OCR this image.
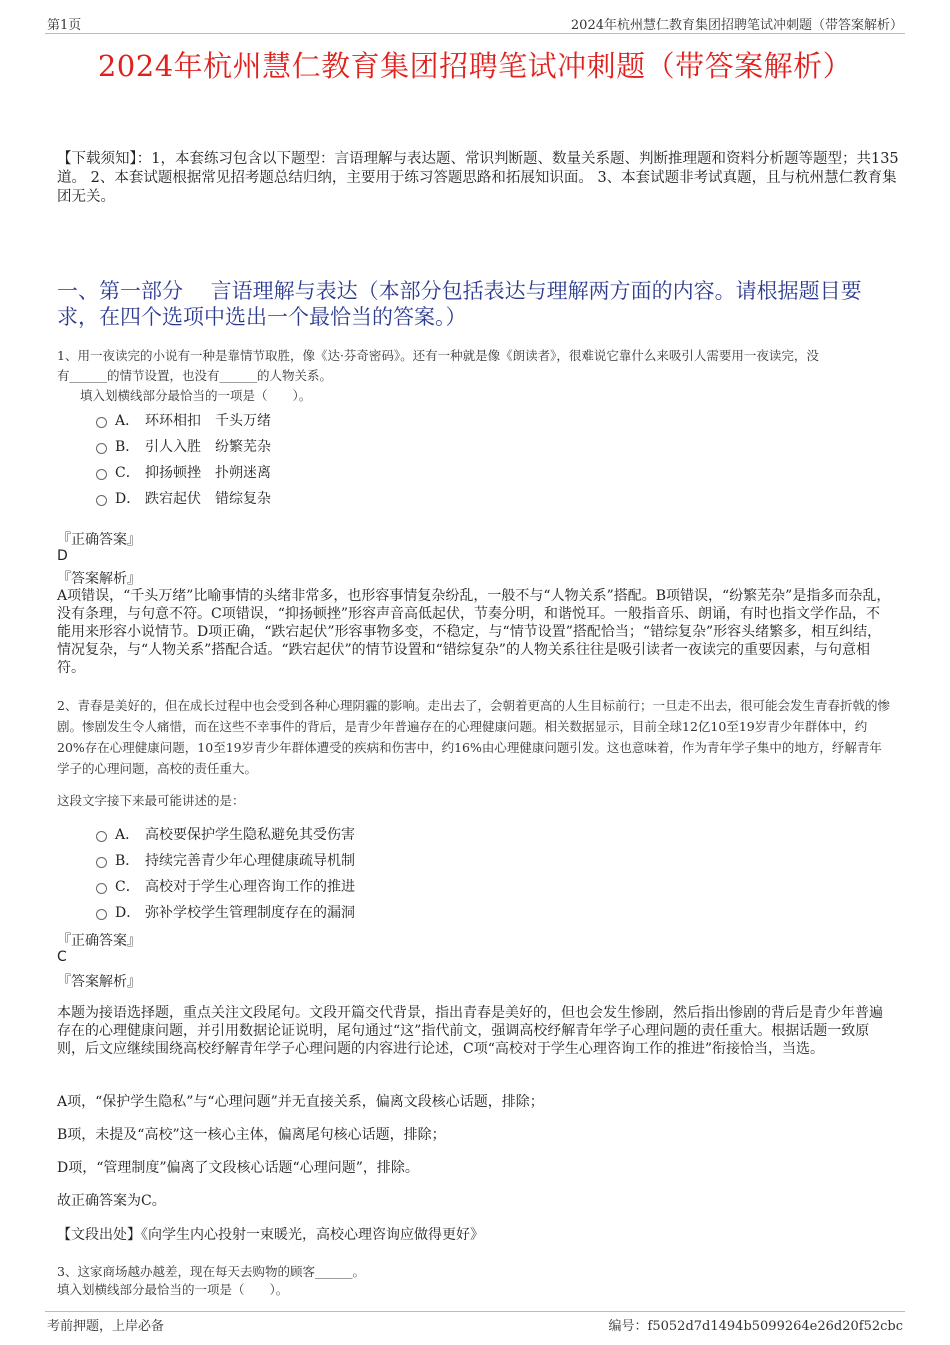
第1页	2024年杭州慧仁教育集团招聘笔试冲刺题（带答案解析）
2024年杭州慧仁教育集团招聘笔试冲刺题（带答案解析）
【下载须知】：1，本套练习包含以下题型：言语理解与表达题、常识判断题、数量关系题、判断推理题和资料分析题等题型；共135道。 2、本套试题根据常见招考题总结归纳，主要用于练习答题思路和拓展知识面。 3、本套试题非考试真题，且与杭州慧仁教育集团无关。
一、第一部分　 言语理解与表达（本部分包括表达与理解两方面的内容。请根据题目要求，在四个选项中选出一个最恰当的答案。）
1、用一夜读完的小说有一种是靠情节取胜，像《达·芬奇密码》。还有一种就是像《朗读者》，很难说它靠什么来吸引人需要用一夜读完，没
有______的情节设置，也没有______的人物关系。
填入划横线部分最恰当的一项是（　　）。
A． 环环相扣　千头万绪
B． 引人入胜　纷繁芜杂
C． 抑扬顿挫　扑朔迷离
D． 跌宕起伏　错综复杂
『正确答案』
D
『答案解析』
A项错误，“千头万绪”比喻事情的头绪非常多，也形容事情复杂纷乱，一般不与“人物关系”搭配。B项错误，“纷繁芜杂”是指多而杂乱，没有条理，与句意不符。C项错误，“抑扬顿挫”形容声音高低起伏，节奏分明，和谐悦耳。一般指音乐、朗诵，有时也指文学作品，不能用来形容小说情节。D项正确，“跌宕起伏”形容事物多变，不稳定，与“情节设置”搭配恰当；“错综复杂”形容头绪繁多，相互纠结，情况复杂，与“人物关系”搭配合适。“跌宕起伏”的情节设置和“错综复杂”的人物关系往往是吸引读者一夜读完的重要因素，与句意相符。
2、青春是美好的，但在成长过程中也会受到各种心理阴霾的影响。走出去了，会朝着更高的人生目标前行；一旦走不出去，很可能会发生青春折戟的惨剧。惨剧发生令人痛惜，而在这些不幸事件的背后，是青少年普遍存在的心理健康问题。相关数据显示，目前全球12亿10至19岁青少年群体中，约20%存在心理健康问题，10至19岁青少年群体遭受的疾病和伤害中，约16%由心理健康问题引发。这也意味着，作为青年学子集中的地方，纾解青年学子的心理问题，高校的责任重大。
这段文字接下来最可能讲述的是：
A． 高校要保护学生隐私避免其受伤害
B． 持续完善青少年心理健康疏导机制
C． 高校对于学生心理咨询工作的推进
D． 弥补学校学生管理制度存在的漏洞
『正确答案』
C
『答案解析』
本题为接语选择题，重点关注文段尾句。文段开篇交代背景，指出青春是美好的，但也会发生惨剧，然后指出惨剧的背后是青少年普遍存在的心理健康问题，并引用数据论证说明，尾句通过“这”指代前文，强调高校纾解青年学子心理问题的责任重大。根据话题一致原则，后文应继续围绕高校纾解青年学子心理问题的内容进行论述，C项“高校对于学生心理咨询工作的推进”衔接恰当，当选。
A项，“保护学生隐私”与“心理问题”并无直接关系，偏离文段核心话题，排除；
B项，未提及“高校”这一核心主体，偏离尾句核心话题，排除；
D项，“管理制度”偏离了文段核心话题“心理问题”，排除。
故正确答案为C。
【文段出处】《向学生内心投射一束暖光，高校心理咨询应做得更好》
3、这家商场越办越差，现在每天去购物的顾客______。
填入划横线部分最恰当的一项是（　　）。
考前押题，上岸必备	编号：f5052d7d1494b5099264e26d20f52cbc
